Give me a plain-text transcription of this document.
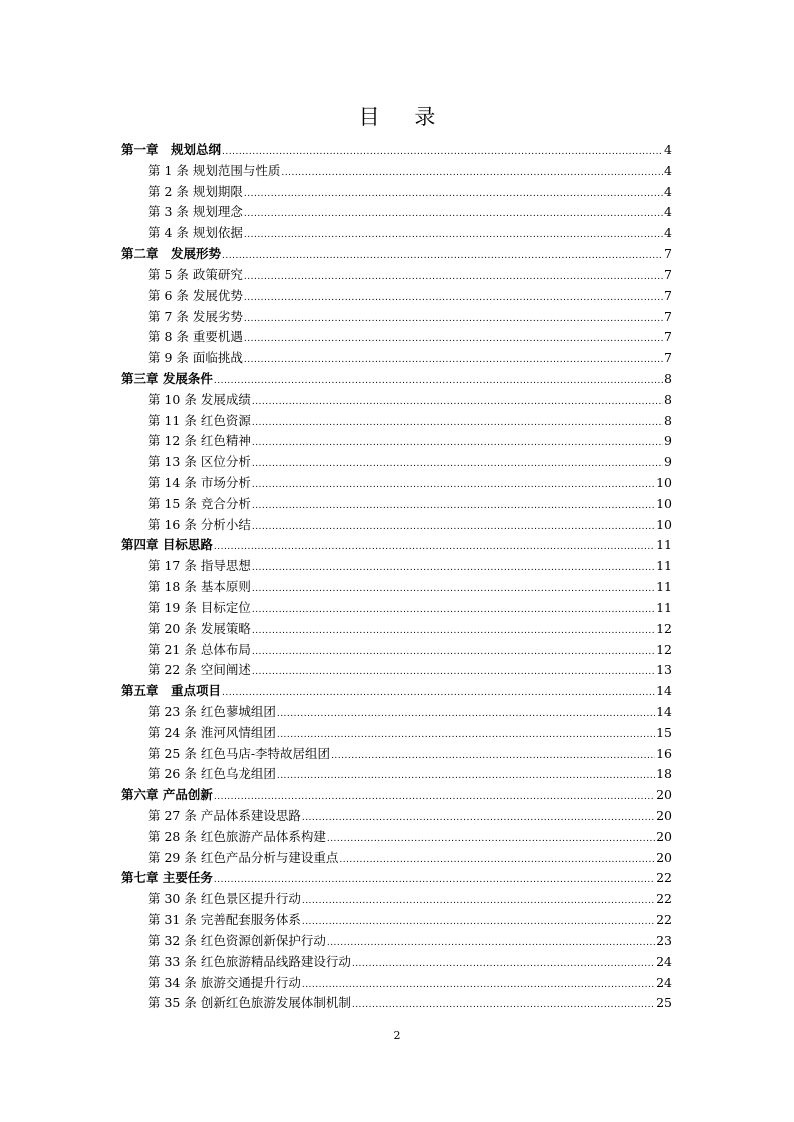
目 录
第一章　规划总纲 .....	4
第 1 条 规划范围与性质 .....	4
第 2 条 规划期限 .....	4
第 3 条 规划理念 .....	4
第 4 条 规划依据 .....	4
第二章　发展形势 .....	7
第 5 条 政策研究 .....	7
第 6 条 发展优势 .....	7
第 7 条 发展劣势 .....	7
第 8 条 重要机遇 .....	7
第 9 条 面临挑战 .....	7
第三章 发展条件 .....	8
第 10 条 发展成绩 .....	8
第 11 条 红色资源 .....	8
第 12 条 红色精神 .....	9
第 13 条 区位分析 .....	9
第 14 条 市场分析 .....	10
第 15 条 竞合分析 .....	10
第 16 条 分析小结 .....	10
第四章 目标思路 .....	11
第 17 条 指导思想 .....	11
第 18 条 基本原则 .....	11
第 19 条 目标定位 .....	11
第 20 条 发展策略 .....	12
第 21 条 总体布局 .....	12
第 22 条 空间阐述 .....	13
第五章　重点项目 .....	14
第 23 条 红色蓼城组团 .....	14
第 24 条 淮河风情组团 .....	15
第 25 条 红色马店-李特故居组团 .....	16
第 26 条 红色乌龙组团 .....	18
第六章 产品创新 .....	20
第 27 条 产品体系建设思路 .....	20
第 28 条 红色旅游产品体系构建 .....	20
第 29 条 红色产品分析与建设重点 .....	20
第七章 主要任务 .....	22
第 30 条 红色景区提升行动 .....	22
第 31 条 完善配套服务体系 .....	22
第 32 条 红色资源创新保护行动 .....	23
第 33 条 红色旅游精品线路建设行动 .....	24
第 34 条 旅游交通提升行动 .....	24
第 35 条 创新红色旅游发展体制机制 .....	25
2
